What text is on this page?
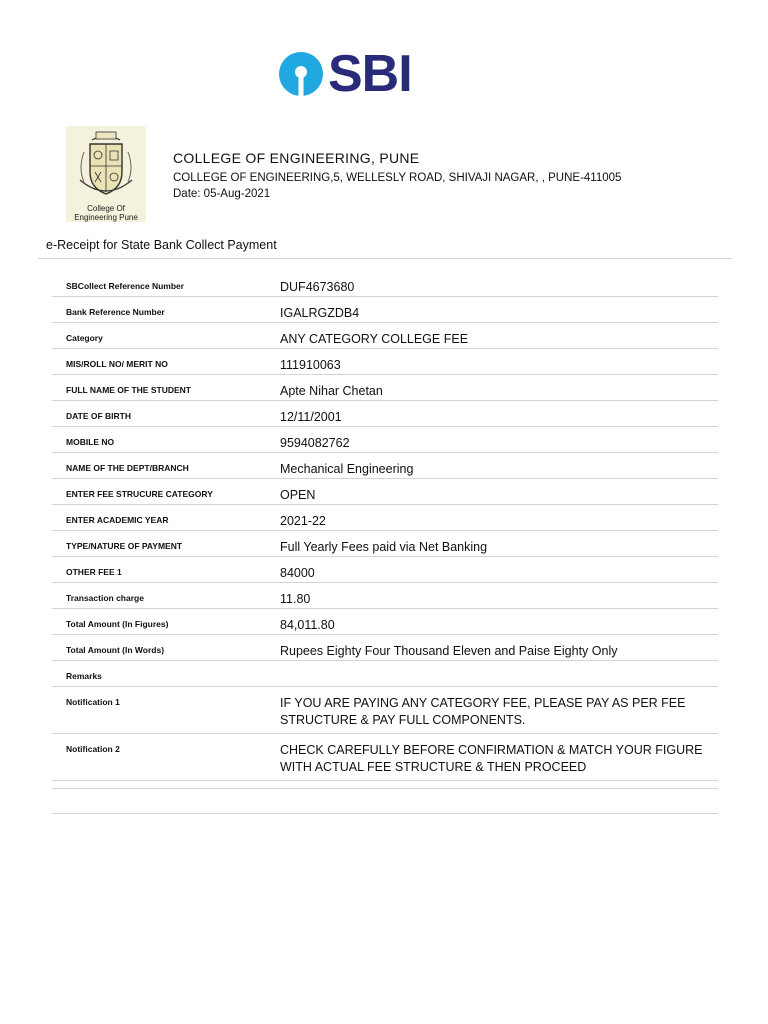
SBI
College Of Engineering Pune
COLLEGE OF ENGINEERING, PUNE
COLLEGE OF ENGINEERING,5, WELLESLY ROAD, SHIVAJI NAGAR, , PUNE-411005
Date: 05-Aug-2021
e-Receipt for State Bank Collect Payment
SBCollect Reference Number	DUF4673680
Bank Reference Number	IGALRGZDB4
Category	ANY CATEGORY COLLEGE FEE
MIS/ROLL NO/ MERIT NO	111910063
FULL NAME OF THE STUDENT	Apte Nihar Chetan
DATE OF BIRTH	12/11/2001
MOBILE NO	9594082762
NAME OF THE DEPT/BRANCH	Mechanical Engineering
ENTER FEE STRUCURE CATEGORY	OPEN
ENTER ACADEMIC YEAR	2021-22
TYPE/NATURE OF PAYMENT	Full Yearly Fees paid via Net Banking
OTHER FEE 1	84000
Transaction charge	11.80
Total Amount (In Figures)	84,011.80
Total Amount (In Words)	Rupees Eighty Four Thousand Eleven and Paise Eighty Only
Remarks	
Notification 1	IF YOU ARE PAYING ANY CATEGORY FEE, PLEASE PAY AS PER FEE STRUCTURE & PAY FULL COMPONENTS.
Notification 2	CHECK CAREFULLY BEFORE CONFIRMATION & MATCH YOUR FIGURE WITH ACTUAL FEE STRUCTURE & THEN PROCEED
